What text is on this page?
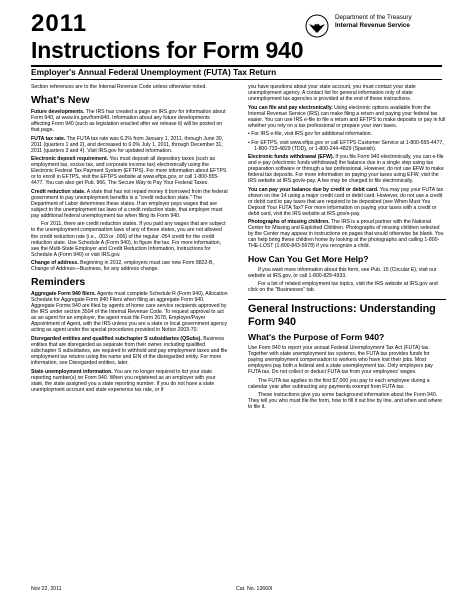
2011
Instructions for Form 940
Department of the Treasury
Internal Revenue Service
Employer's Annual Federal Unemployment (FUTA) Tax Return

Section references are to the Internal Revenue Code unless otherwise noted.

What's New

Future developments. The IRS has created a page on IRS.gov for information about Form 940, at www.irs.gov/form940. Information about any future developments affecting Form 940 (such as legislation enacted after we release it) will be posted on that page.

FUTA tax rate. The FUTA tax rate was 6.2% from January 1, 2011, through June 30, 2011 (quarters 1 and 2), and decreased to 6.0% July 1, 2011, through December 31, 2011 (quarters 3 and 4). Visit IRS.gov for updated information.

Electronic deposit requirement. You must deposit all depository taxes (such as employment tax, excise tax, and corporate income tax) electronically using the Electronic Federal Tax Payment System (EFTPS). For more information about EFTPS or to enroll in EFTPS, visit the EFTPS website at www.eftps.gov, or call 1-800-555-4477. You can also get Pub. 966, The Secure Way to Pay Your Federal Taxes.

Credit reduction state. A state that has not repaid money it borrowed from the federal government to pay unemployment benefits is a "credit reduction state." The Department of Labor determines these states. If an employer pays wages that are subject to the unemployment tax laws of a credit reduction state, that employer must pay additional federal unemployment tax when filing its Form 940.

For 2011, there are credit reduction states. If you paid any wages that are subject to the unemployment compensation laws of any of these states, you are not allowed the credit reduction rate (i.e., .003 or .006) of the regular .054 credit for the credit reduction state. Use Schedule A (Form 940), to figure the tax. For more information, see the Multi-State Employer and Credit Reduction Information, Instructions for Schedule A (Form 940) or visit IRS.gov.

Change of address. Beginning in 2012, employers must use new Form 8822-B, Change of Address—Business, for any address change.

Reminders

Aggregate Form 940 filers. Agents must complete Schedule R (Form 940), Allocation Schedule for Aggregate Form 940 Filers when filing an aggregate Form 940. Aggregate Forms 940 are filed by agents of home care service recipients approved by the IRS under section 3504 of the Internal Revenue Code. To request approval to act as an agent for an employer, the agent must file Form 2678, Employer/Payer Appointment of Agent, with the IRS unless you are a state or local government agency acting as agent under the special procedures provided in Notice 2003-70.

Disregarded entities and qualified subchapter S subsidiaries (QSubs). Business entities that are disregarded as separate from their owner, including qualified subchapter S subsidiaries, are required to withhold and pay employment taxes and file employment tax returns using the name and EIN of the disregarded entity. For more information, see Disregarded entities, later.

State unemployment information. You are no longer required to list your state reporting number(s) on Form 940. When you registered as an employer with your state, the state assigned you a state reporting number. If you do not have a state unemployment account and state experience tax rate, or if

you have questions about your state account, you must contact your state unemployment agency. A contact list for general information only of state unemployment tax agencies is provided at the end of these instructions.

You can file and pay electronically. Using electronic options available from the Internal Revenue Service (IRS) can make filing a return and paying your federal tax easier. You can use IRS e-file to file a return and EFTPS to make deposits or pay in full whether you rely on a tax professional or prepare your own taxes.

• For IRS e-file, visit IRS.gov for additional information.

• For EFTPS, visit www.eftps.gov or call EFTPS Customer Service at 1-800-555-4477, 1-800-733-4829 (TDD), or 1-800-244-4829 (Spanish).

Electronic funds withdrawal (EFW). If you file Form 940 electronically, you can e-file and e-pay (electronic funds withdrawal) the balance due in a single step using tax preparation software or through a tax professional. However, do not use EFW to make federal tax deposits. For more information on paying your taxes using EFW, visit the IRS website at IRS.gov/e-pay. A fee may be charged to file electronically.

You can pay your balance due by credit or debit card. You may pay your FUTA tax shown on line 14 using a major credit card or debit card. However, do not use a credit or debit card to pay taxes that are required to be deposited (see When Must You Deposit Your FUTA Tax? For more information on paying your taxes with a credit or debit card, visit the IRS website at IRS.gov/e-pay.

Photographs of missing children. The IRS is a proud partner with the National Center for Missing and Exploited Children. Photographs of missing children selected by the Center may appear in instructions on pages that would otherwise be blank. You can help bring these children home by looking at the photographs and calling 1-800-THE-LOST (1-800-843-5678) if you recognize a child.

How Can You Get More Help?

If you want more information about this form, see Pub. 15 (Circular E), visit our website at IRS.gov, or call 1-800-829-4933.

For a list of related employment tax topics, visit the IRS website at IRS.gov and click on the "Businesses" tab.

General Instructions: Understanding Form 940
What's the Purpose of Form 940?

Use Form 940 to report your annual Federal Unemployment Tax Act (FUTA) tax. Together with state unemployment tax systems, the FUTA tax provides funds for paying unemployment compensation to workers who have lost their jobs. Most employers pay both a federal and a state unemployment tax. Only employers pay FUTA tax. Do not collect or deduct FUTA tax from your employees' wages.

The FUTA tax applies to the first $7,000 you pay to each employee during a calendar year after subtracting any payments exempt from FUTA tax.

These instructions give you some background information about the Form 940. They tell you who must file the form, how to fill it out line by line, and when and where to file it.

Nov 22, 2011	Cat. No. 13660I
